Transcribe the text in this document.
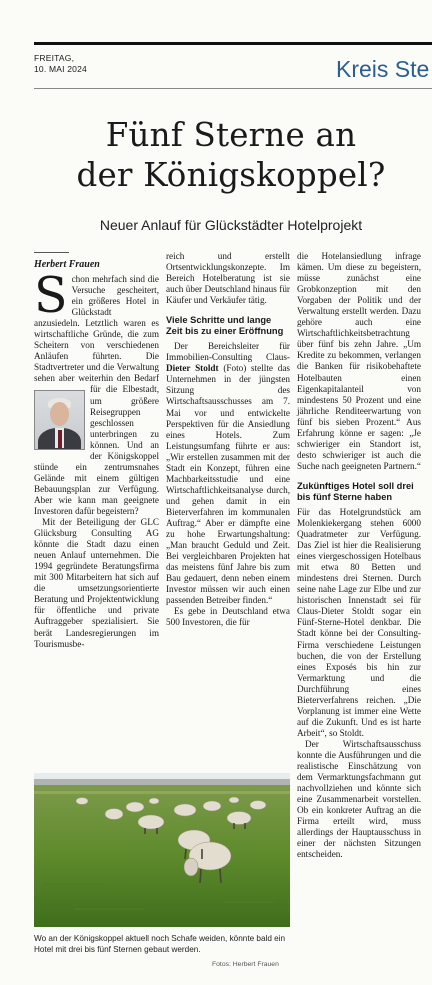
FREITAG,
10. MAI 2024	Kreis Ste
Fünf Sterne an
der Königskoppel?
Neuer Anlauf für Glückstädter Hotelprojekt
Herbert Frauen

Schon mehrfach sind die Versuche gescheitert, ein größeres Hotel in Glückstadt anzusiedeln. Letztlich waren es wirtschaftliche Gründe, die zum Scheitern von verschiedenen Anläufen führten. Die Stadtvertreter und die Verwaltung sehen aber weiterhin den Bedarf
für die Elbestadt, um größere Reisegruppen geschlossen unterbringen zu können. Und an der Königskoppel stünde ein zentrumsnahes Gelände mit einem gültigen Bebauungsplan zur Verfügung. Aber wie kann man geeignete Investoren dafür begeistern?

Mit der Beteiligung der GLC Glücksburg Consulting AG könnte die Stadt dazu einen neuen Anlauf unternehmen. Die 1994 gegründete Beratungsfirma mit 300 Mitarbeitern hat sich auf die umsetzungsorientierte Beratung und Projektentwicklung für öffentliche und private Auftraggeber spezialisiert. Sie berät Landesregierungen im Tourismusbe-

reich und erstellt Ortsentwicklungskonzepte. Im Bereich Hotelberatung ist sie auch über Deutschland hinaus für Käufer und Verkäufer tätig.

Viele Schritte und lange Zeit bis zu einer Eröffnung

Der Bereichsleiter für Immobilien-Consulting Claus-Dieter Stoldt (Foto) stellte das Unternehmen in der jüngsten Sitzung des Wirtschaftsausschusses am 7. Mai vor und entwickelte Perspektiven für die Ansiedlung eines Hotels. Zum Leistungsumfang führte er aus: „Wir erstellen zusammen mit der Stadt ein Konzept, führen eine Machbarkeitsstudie und eine Wirtschaftlichkeitsanalyse durch, und gehen damit in ein Bieterverfahren im kommunalen Auftrag.“ Aber er dämpfte eine zu hohe Erwartungshaltung: „Man braucht Geduld und Zeit. Bei vergleichbaren Projekten hat das meistens fünf Jahre bis zum Bau gedauert, denn neben einem Investor müssen wir auch einen passenden Betreiber finden.“

Es gebe in Deutschland etwa 500 Investoren, die für

die Hotelansiedlung infrage kämen. Um diese zu begeistern, müsse zunächst eine Grobkonzeption mit den Vorgaben der Politik und der Verwaltung erstellt werden. Dazu gehöre auch eine Wirtschaftlichkeitsbetrachtung über fünf bis zehn Jahre. „Um Kredite zu bekommen, verlangen die Banken für risikobehaftete Hotelbauten einen Eigenkapitalanteil von mindestens 50 Prozent und eine jährliche Renditeerwartung von fünf bis sieben Prozent.“ Aus Erfahrung könne er sagen: „Je schwieriger ein Standort ist, desto schwieriger ist auch die Suche nach geeigneten Partnern.“

Zukünftiges Hotel soll drei bis fünf Sterne haben

Für das Hotelgrundstück am Molenkiekergang stehen 6000 Quadratmeter zur Verfügung. Das Ziel ist hier die Realisierung eines viergeschossigen Hotelbaus mit etwa 80 Betten und mindestens drei Sternen. Durch seine nahe Lage zur Elbe und zur historischen Innenstadt sei für Claus-Dieter Stoldt sogar ein Fünf-Sterne-Hotel denkbar. Die Stadt könne bei der Consulting-Firma verschiedene Leistungen buchen, die von der Erstellung eines Exposés bis hin zur Vermarktung und die Durchführung eines Bieterverfahrens reichen. „Die Vorplanung ist immer eine Wette auf die Zukunft. Und es ist harte Arbeit“, so Stoldt.

Der Wirtschaftsausschuss konnte die Ausführungen und die realistische Einschätzung von dem Vermarktungsfachmann gut nachvollziehen und könnte sich eine Zusammenarbeit vorstellen. Ob ein konkreter Auftrag an die Firma erteilt wird, muss allerdings der Hauptausschuss in einer der nächsten Sitzungen entscheiden.

Wo an der Königskoppel aktuell noch Schafe weiden, könnte bald ein Hotel mit drei bis fünf Sternen gebaut werden.
Fotos: Herbert Frauen
